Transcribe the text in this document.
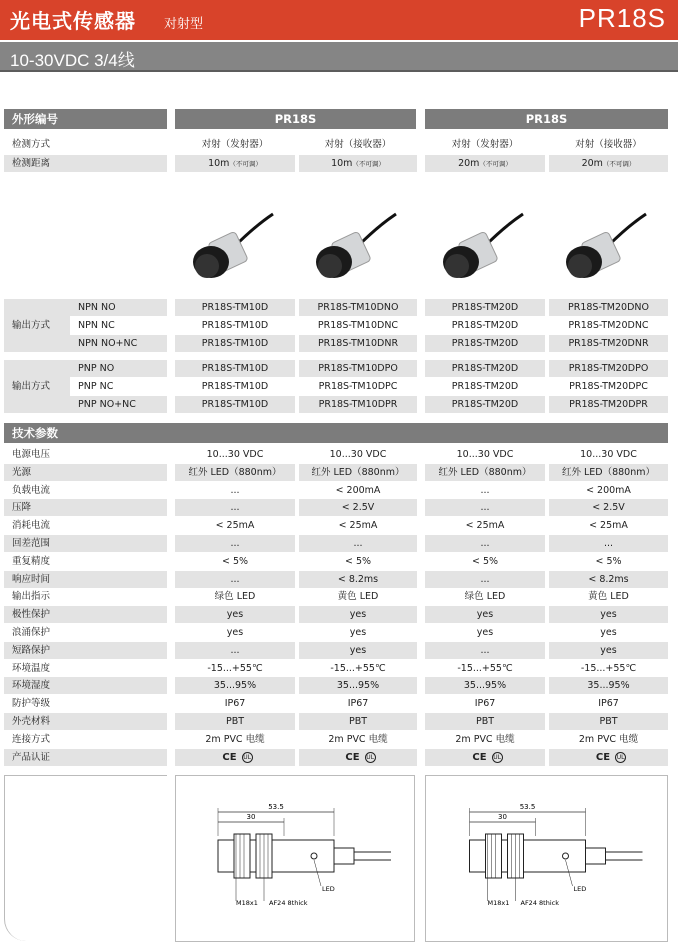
光电式传感器 对射型	PR18S
10-30VDC 3/4线
外形编号	PR18S	PR18S
检测方式	对射（发射器）	对射（接收器）	对射（发射器）	对射（接收器）
检测距离	10m（不可调）	10m（不可调）	20m（不可调）	20m（不可调）
输出方式
NPN NO	PR18S-TM10D	PR18S-TM10DNO	PR18S-TM20D	PR18S-TM20DNO
NPN NC	PR18S-TM10D	PR18S-TM10DNC	PR18S-TM20D	PR18S-TM20DNC
NPN NO+NC	PR18S-TM10D	PR18S-TM10DNR	PR18S-TM20D	PR18S-TM20DNR
输出方式
PNP NO	PR18S-TM10D	PR18S-TM10DPO	PR18S-TM20D	PR18S-TM20DPO
PNP NC	PR18S-TM10D	PR18S-TM10DPC	PR18S-TM20D	PR18S-TM20DPC
PNP NO+NC	PR18S-TM10D	PR18S-TM10DPR	PR18S-TM20D	PR18S-TM20DPR
技术参数
电源电压	10...30 VDC	10...30 VDC	10...30 VDC	10...30 VDC
光源	红外 LED（880nm）	红外 LED（880nm）	红外 LED（880nm）	红外 LED（880nm）
负载电流	...	< 200mA	...	< 200mA
压降	...	< 2.5V	...	< 2.5V
消耗电流	< 25mA	< 25mA	< 25mA	< 25mA
回差范围	...	...	...	...
重复精度	< 5%	< 5%	< 5%	< 5%
响应时间	...	< 8.2ms	...	< 8.2ms
输出指示	绿色 LED	黄色 LED	绿色 LED	黄色 LED
极性保护	yes	yes	yes	yes
浪涌保护	yes	yes	yes	yes
短路保护	...	yes	...	yes
环境温度	-15...+55℃	-15...+55℃	-15...+55℃	-15...+55℃
环境湿度	35...95%	35...95%	35...95%	35...95%
防护等级	IP67	IP67	IP67	IP67
外壳材料	PBT	PBT	PBT	PBT
连接方式	2m PVC 电缆	2m PVC 电缆	2m PVC 电缆	2m PVC 电缆
产品认证	CE UL	CE UL	CE UL	CE UL
53.5
30
LED
M18x1 AF24 8thick
53.5
30
LED
M18x1 AF24 8thick
